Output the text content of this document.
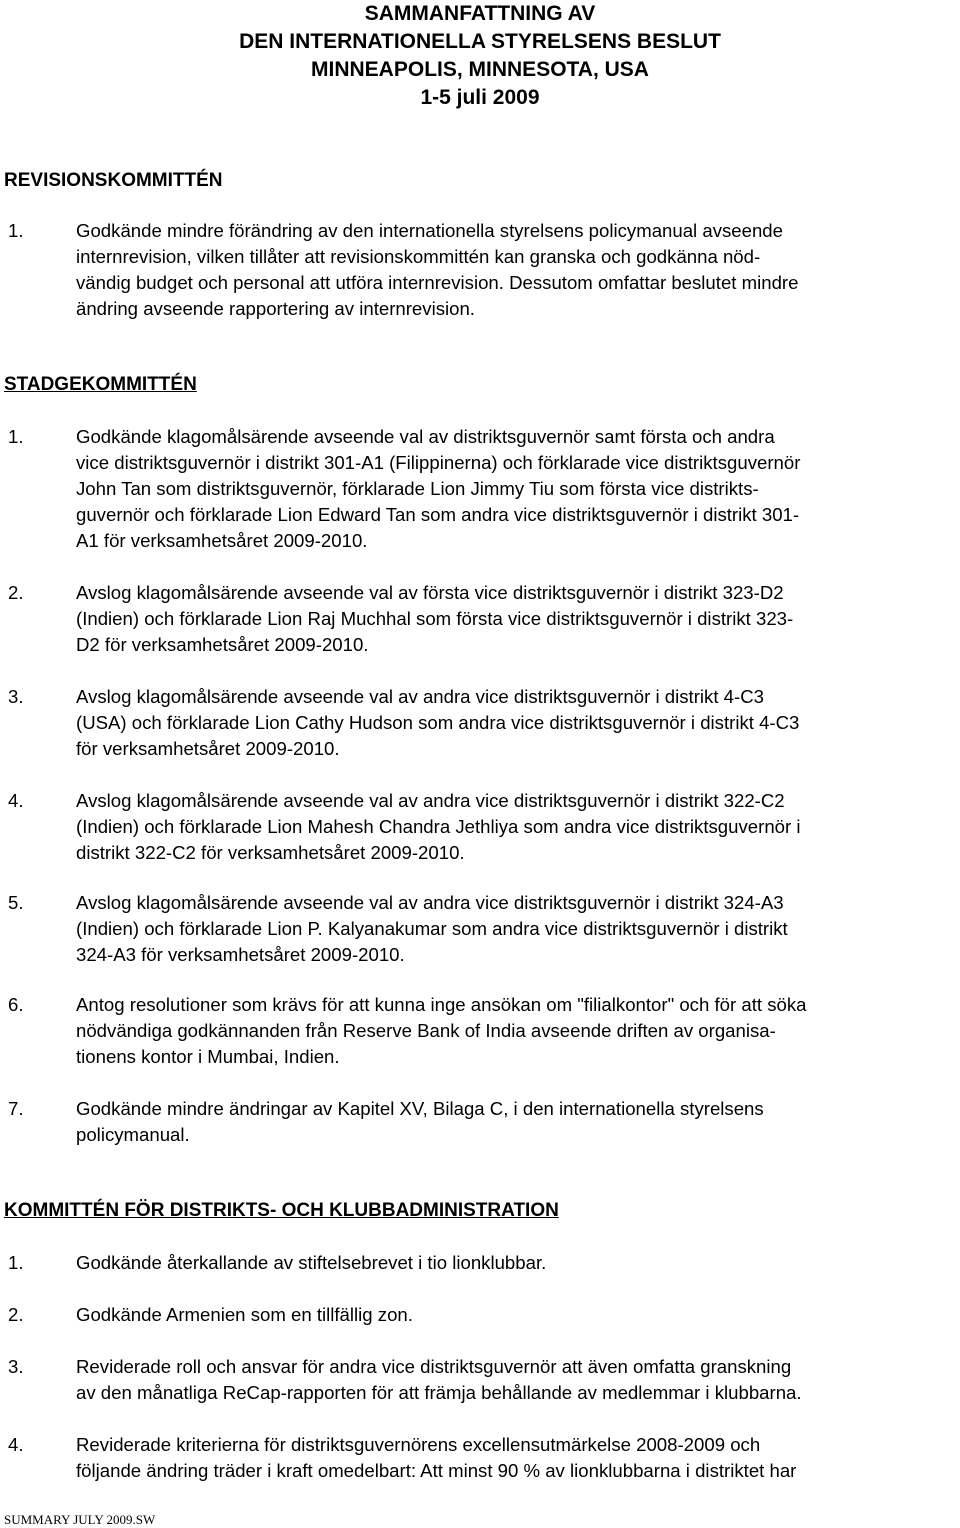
SAMMANFATTNING AV
DEN INTERNATIONELLA STYRELSENS BESLUT
MINNEAPOLIS, MINNESOTA, USA
1-5 juli 2009
REVISIONSKOMMITTÉN
1.	Godkände mindre förändring av den internationella styrelsens policymanual avseende
internrevision, vilken tillåter att revisionskommittén kan granska och godkänna nöd-
vändig budget och personal att utföra internrevision. Dessutom omfattar beslutet mindre
ändring avseende rapportering av internrevision.
STADGEKOMMITTÉN
1.	Godkände klagomålsärende avseende val av distriktsguvernör samt första och andra
vice distriktsguvernör i distrikt 301-A1 (Filippinerna) och förklarade vice distriktsguvernör
John Tan som distriktsguvernör, förklarade Lion Jimmy Tiu som första vice distrikts-
guvernör och förklarade Lion Edward Tan som andra vice distriktsguvernör i distrikt 301-
A1 för verksamhetsåret 2009-2010.
2.	Avslog klagomålsärende avseende val av första vice distriktsguvernör i distrikt 323-D2
(Indien) och förklarade Lion Raj Muchhal som första vice distriktsguvernör i distrikt 323-
D2 för verksamhetsåret 2009-2010.
3.	Avslog klagomålsärende avseende val av andra vice distriktsguvernör i distrikt 4-C3
(USA) och förklarade Lion Cathy Hudson som andra vice distriktsguvernör i distrikt 4-C3
för verksamhetsåret 2009-2010.
4.	Avslog klagomålsärende avseende val av andra vice distriktsguvernör i distrikt 322-C2
(Indien) och förklarade Lion Mahesh Chandra Jethliya som andra vice distriktsguvernör i
distrikt 322-C2 för verksamhetsåret 2009-2010.
5.	Avslog klagomålsärende avseende val av andra vice distriktsguvernör i distrikt 324-A3
(Indien) och förklarade Lion P. Kalyanakumar som andra vice distriktsguvernör i distrikt
324-A3 för verksamhetsåret 2009-2010.
6.	Antog resolutioner som krävs för att kunna inge ansökan om "filialkontor" och för att söka
nödvändiga godkännanden från Reserve Bank of India avseende driften av organisa-
tionens kontor i Mumbai, Indien.
7.	Godkände mindre ändringar av Kapitel XV, Bilaga C, i den internationella styrelsens
policymanual.
KOMMITTÉN FÖR DISTRIKTS- OCH KLUBBADMINISTRATION
1.	Godkände återkallande av stiftelsebrevet i tio lionklubbar.
2.	Godkände Armenien som en tillfällig zon.
3.	Reviderade roll och ansvar för andra vice distriktsguvernör att även omfatta granskning
av den månatliga ReCap-rapporten för att främja behållande av medlemmar i klubbarna.
4.	Reviderade kriterierna för distriktsguvernörens excellensutmärkelse 2008-2009 och
följande ändring träder i kraft omedelbart: Att minst 90 % av lionklubbarna i distriktet har
SUMMARY JULY 2009.SW
